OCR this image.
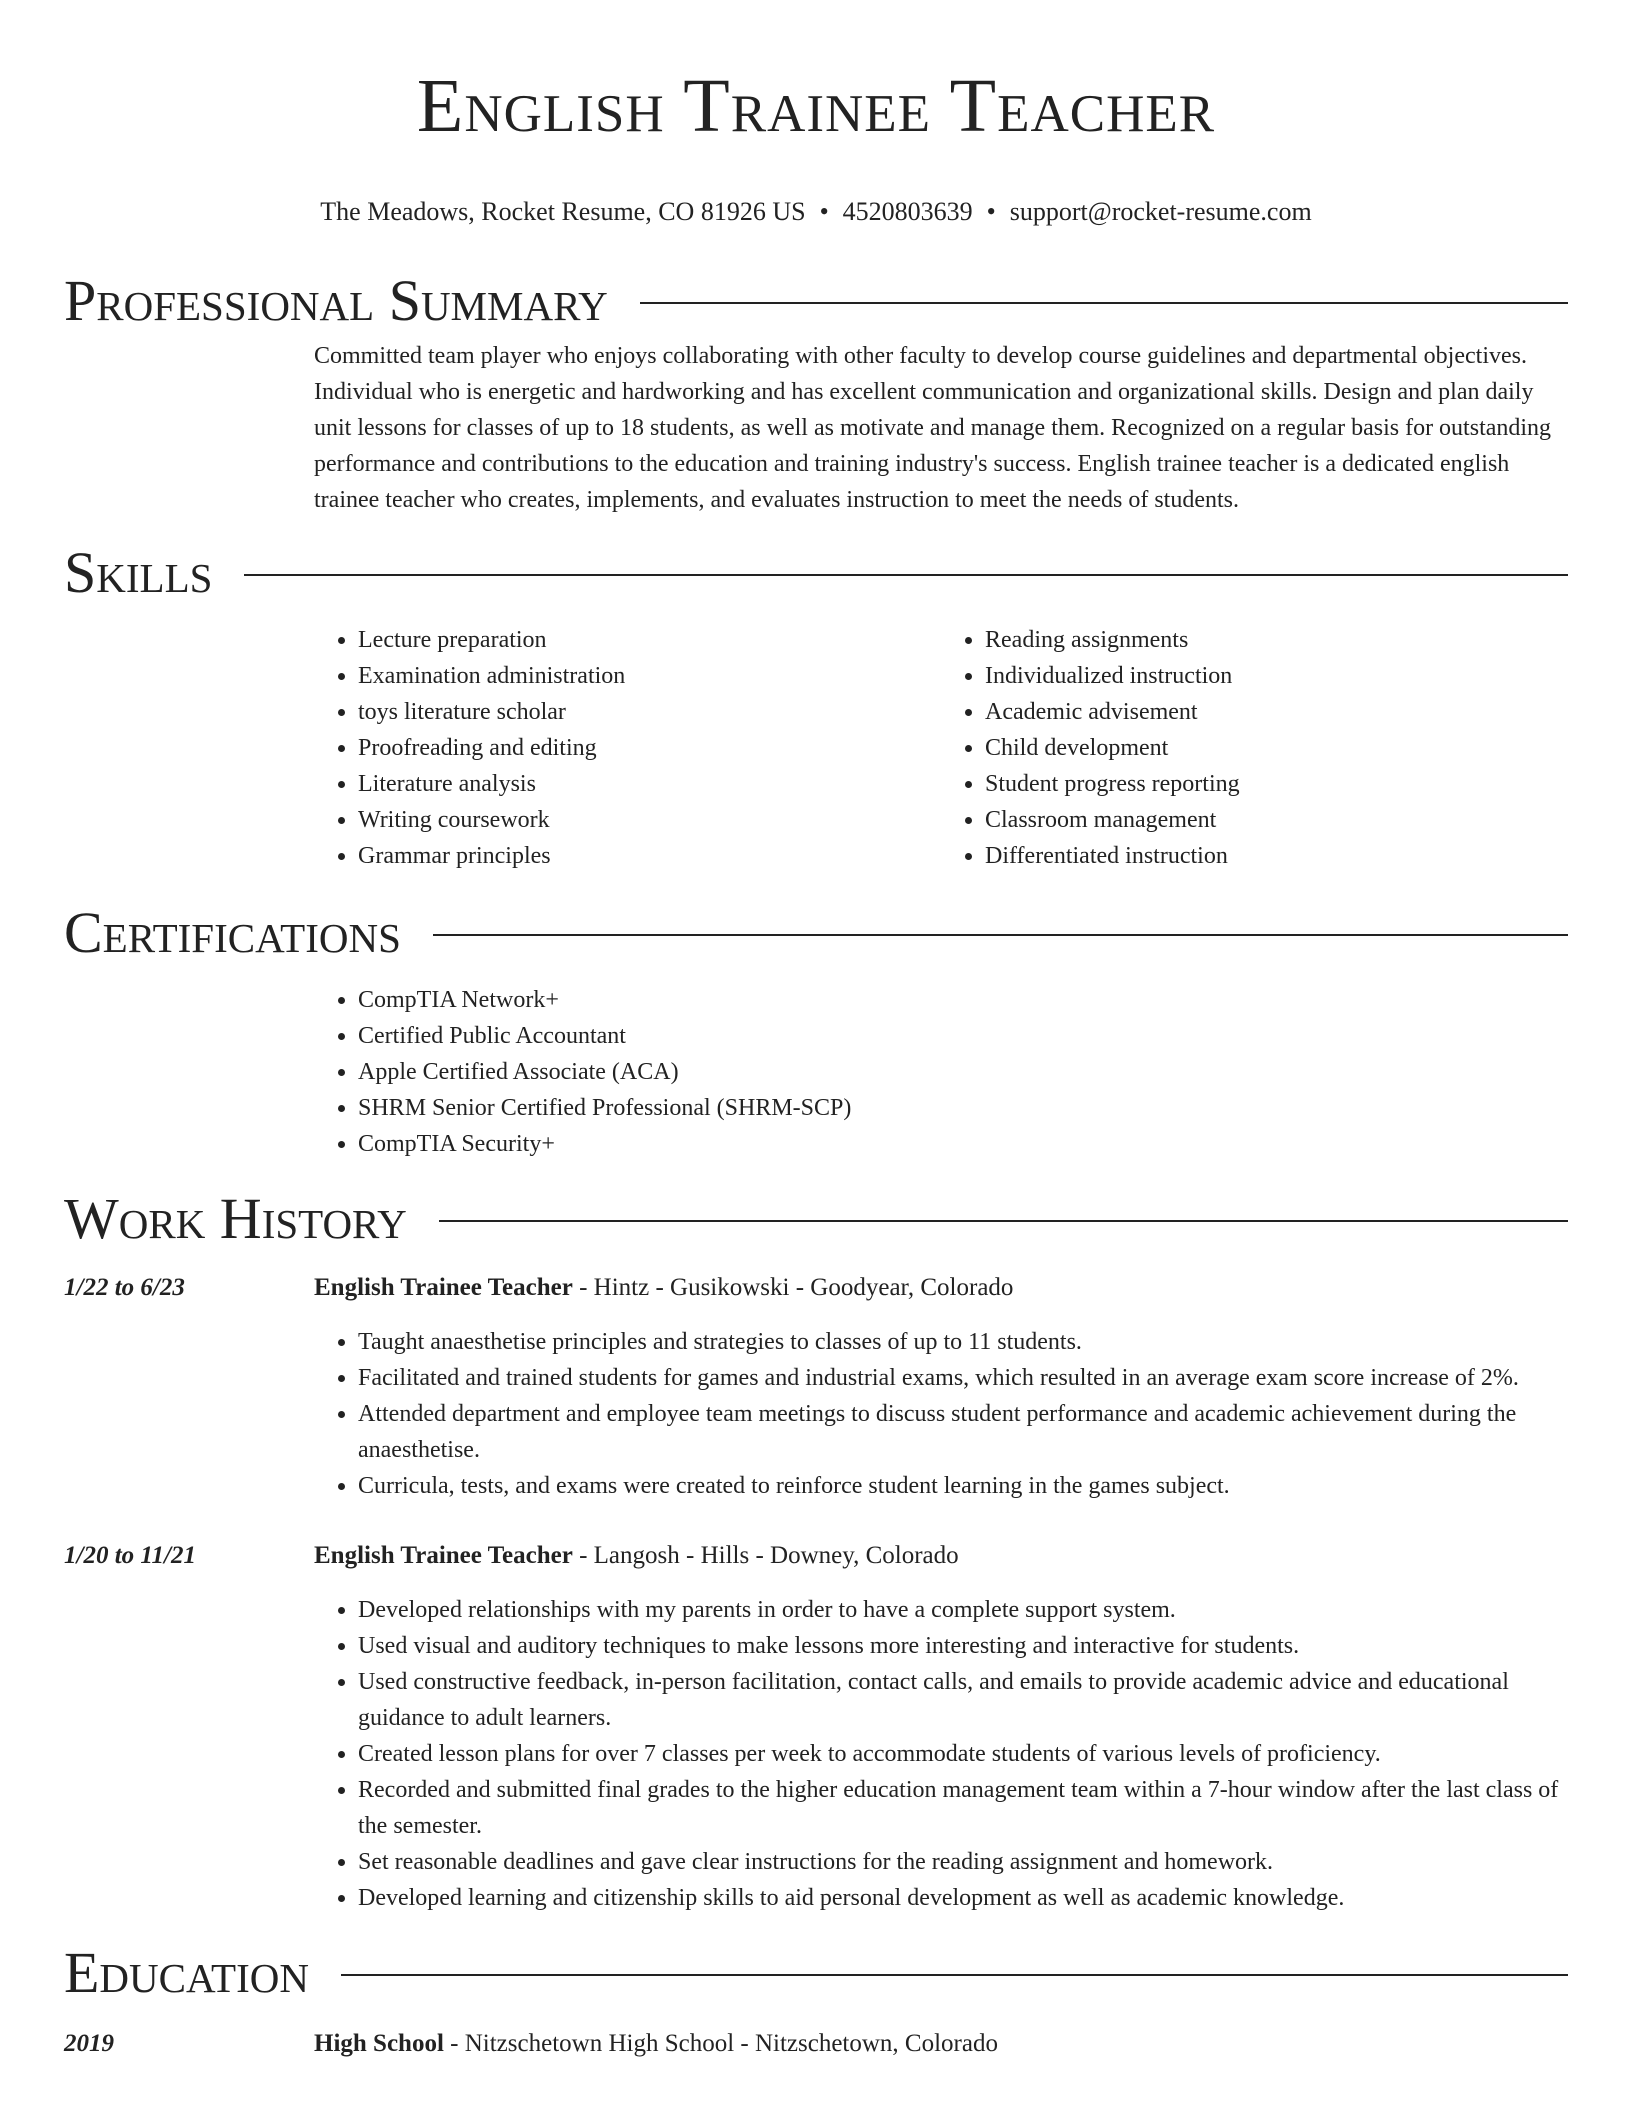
English Trainee Teacher
The Meadows, Rocket Resume, CO 81926 US • 4520803639 • support@rocket-resume.com
Professional Summary

Committed team player who enjoys collaborating with other faculty to develop course guidelines and departmental objectives. Individual who is energetic and hardworking and has excellent communication and organizational skills. Design and plan daily unit lessons for classes of up to 18 students, as well as motivate and manage them. Recognized on a regular basis for outstanding performance and contributions to the education and training industry's success. English trainee teacher is a dedicated english trainee teacher who creates, implements, and evaluates instruction to meet the needs of students.

Skills
• Lecture preparation
• Examination administration
• toys literature scholar
• Proofreading and editing
• Literature analysis
• Writing coursework
• Grammar principles
• Reading assignments
• Individualized instruction
• Academic advisement
• Child development
• Student progress reporting
• Classroom management
• Differentiated instruction
Certifications
• CompTIA Network+
• Certified Public Accountant
• Apple Certified Associate (ACA)
• SHRM Senior Certified Professional (SHRM-SCP)
• CompTIA Security+
Work History
1/22 to 6/23	English Trainee Teacher - Hintz - Gusikowski - Goodyear, Colorado
• Taught anaesthetise principles and strategies to classes of up to 11 students.
• Facilitated and trained students for games and industrial exams, which resulted in an average exam score increase of 2%.
• Attended department and employee team meetings to discuss student performance and academic achievement during the anaesthetise.
• Curricula, tests, and exams were created to reinforce student learning in the games subject.
1/20 to 11/21	English Trainee Teacher - Langosh - Hills - Downey, Colorado
• Developed relationships with my parents in order to have a complete support system.
• Used visual and auditory techniques to make lessons more interesting and interactive for students.
• Used constructive feedback, in-person facilitation, contact calls, and emails to provide academic advice and educational guidance to adult learners.
• Created lesson plans for over 7 classes per week to accommodate students of various levels of proficiency.
• Recorded and submitted final grades to the higher education management team within a 7-hour window after the last class of the semester.
• Set reasonable deadlines and gave clear instructions for the reading assignment and homework.
• Developed learning and citizenship skills to aid personal development as well as academic knowledge.
Education
2019	High School - Nitzschetown High School - Nitzschetown, Colorado
